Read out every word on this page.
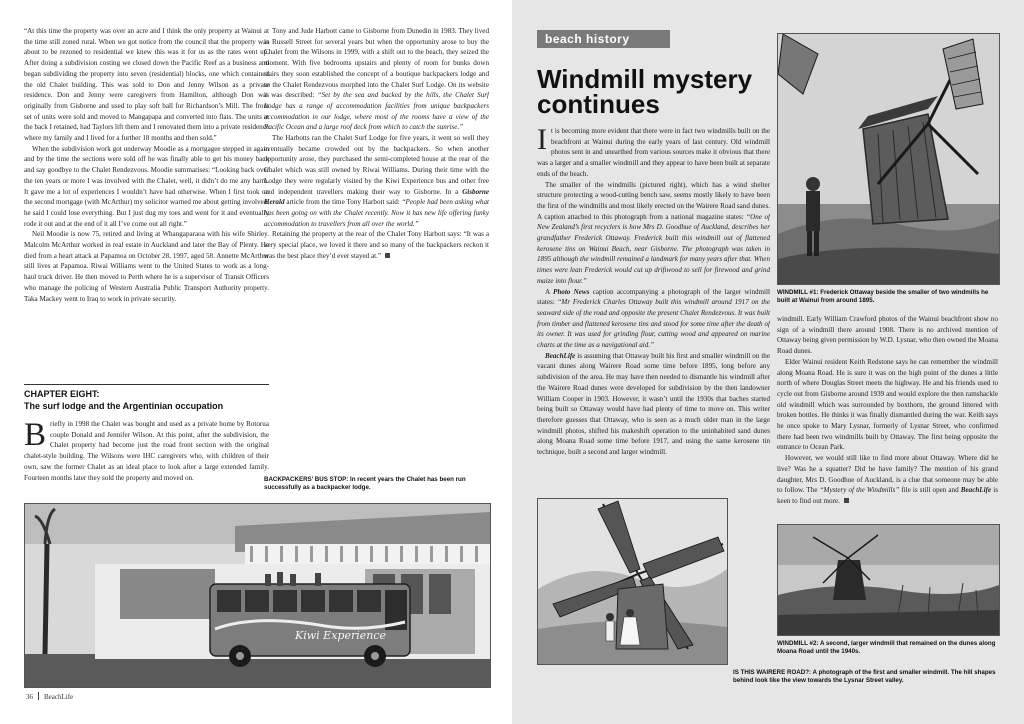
“At this time the property was over an acre and I think the only property at Wainui at the time still zoned rural. When we got notice from the council that the property was about to be rezoned to residential we knew this was it for us as the rates went up. After doing a subdivision costing we closed down the Pacific Reef as a business and began subdividing the property into seven (residential) blocks, one which contained the old Chalet building. This was sold to Don and Jenny Wilson as a private residence. Don and Jenny were caregivers from Hamilton, although Don was originally from Gisborne and used to play soft ball for Richardson’s Mill. The front set of units were sold and moved to Mangapapa and converted into flats. The units at the back I retained, had Taylors lift them and I renovated them into a private residence where my family and I lived for a further 18 months and then sold.”

When the subdivision work got underway Moodie as a mortgagee stepped in again and by the time the sections were sold off he was finally able to get his money back and say goodbye to the Chalet Rendezvous. Moodie summarises: “Looking back over the ten years or more I was involved with the Chalet, well, it didn’t do me any harm. It gave me a lot of experiences I wouldn’t have had otherwise. When I first took on the second mortgage (with McArthur) my solicitor warned me about getting involved, he said I could lose everything. But I just dug my toes and went for it and eventually rode it out and at the end of it all I’ve come out all right.”

Neil Moodie is now 75, retired and living at Whangaparaoa with his wife Shirley. Malcolm McArthur worked in real estate in Auckland and later the Bay of Plenty. He died from a heart attack at Papamoa on October 28, 1997, aged 58. Annette McArthur still lives at Papamoa. Riwai Williams went to the United States to work as a long-haul truck driver. He then moved to Perth where he is a supervisor of Transit Officers who manage the policing of Western Australia Public Transport Authority property. Taka Mackey went to Iraq to work in private security.

CHAPTER EIGHT:
The surf lodge and the Argentinian occupation

Briefly in 1998 the Chalet was bought and used as a private home by Rotorua couple Donald and Jennifer Wilson. At this point, after the subdivision, the Chalet property had become just the road front section with the original chalet-style building. The Wilsons were IHC caregivers who, with children of their own, saw the former Chalet as an ideal place to look after a large extended family. Fourteen months later they sold the property and moved on.

Tony and Jude Harbott came to Gisborne from Dunedin in 1983. They lived in Russell Street for several years but when the opportunity arose to buy the Chalet from the Wilsons in 1999, with a shift out to the beach, they seized the moment. With five bedrooms upstairs and plenty of room for bunks down stairs they soon established the concept of a boutique backpackers lodge and so the Chalet Rendezvous morphed into the Chalet Surf Lodge. On its website it was described: “Set by the sea and backed by the hills, the Chalet Surf Lodge has a range of accommodation facilities from unique backpackers accommodation in our lodge, where most of the rooms have a view of the Pacific Ocean and a large roof deck from which to catch the sunrise.”

The Harbotts ran the Chalet Surf Lodge for five years, it went so well they eventually became crowded out by the backpackers. So when another opportunity arose, they purchased the semi-completed house at the rear of the Chalet which was still owned by Riwai Williams. During their time with the Lodge they were regularly visited by the Kiwi Experience bus and other free and independent travellers making their way to Gisborne. In a Gisborne Herald article from the time Tony Harbott said: “People had been asking what has been going on with the Chalet recently. Now it has new life offering funky accommodation to travellers from all over the world.”

Retaining the property at the rear of the Chalet Tony Harbott says: “It was a very special place, we loved it there and so many of the backpackers reckon it was the best place they’d ever stayed at.”

BACKPACKERS’ BUS STOP: In recent years the Chalet has been run successfully as a backpacker lodge.
Kiwi Experience
36 BeachLife
beach history
Windmill mystery continues

It is becoming more evident that there were in fact two windmills built on the beachfront at Wainui during the early years of last century. Old windmill photos sent in and unearthed from various sources make it obvious that there was a larger and a smaller windmill and they appear to have been built at separate ends of the beach.

The smaller of the windmills (pictured right), which has a wind shelter structure protecting a wood-cutting bench saw, seems mostly likely to have been the first of the windmills and most likely erected on the Wairere Road sand dunes. A caption attached to this photograph from a national magazine states: “One of New Zealand’s first recyclers is how Mrs D. Goodhue of Auckland, describes her grandfather Frederick Ottaway. Frederick built this windmill out of flattened kerosene tins on Wainui Beach, near Gisborne. The photograph was taken in 1895 although the windmill remained a landmark for many years after that. When times were lean Frederick would cut up driftwood to sell for firewood and grind maize into flour.”

A Photo News caption accompanying a photograph of the larger windmill states: “Mr Frederick Charles Ottaway built this windmill around 1917 on the seaward side of the road and opposite the present Chalet Rendezvous. It was built from timber and flattened kerosene tins and stood for some time after the death of its owner. It was used for grinding flour, cutting wood and appeared on marine charts at the time as a navigational aid.”

BeachLife is assuming that Ottaway built his first and smaller windmill on the vacant dunes along Wairere Road some time before 1895, long before any subdivision of the area. He may have then needed to dismantle his windmill after the Wairere Road dunes were developed for subdivision by the then landowner William Cooper in 1903. However, it wasn’t until the 1930s that baches started being built so Ottaway would have had plenty of time to move on. This writer therefore guesses that Ottaway, who is seen as a much older man in the large windmill photos, shifted his makeshift operation to the uninhabited sand dunes along Moana Road some time before 1917, and using the same kerosene tin technique, built a second and larger windmill.

WINDMILL #1: Frederick Ottaway beside the smaller of two windmills he built at Wainui from around 1895.

windmill. Early William Crawford photos of the Wainui beachfront show no sign of a windmill there around 1908. There is no archived mention of Ottaway being given permission by W.D. Lysnar, who then owned the Moana Road dunes.

Elder Wainui resident Keith Redstone says he can remember the windmill along Moana Road. He is sure it was on the high point of the dunes a little north of where Douglas Street meets the highway. He and his friends used to cycle out from Gisborne around 1939 and would explore the then ramshackle old windmill which was surrounded by boxthorn, the ground littered with broken bottles. He thinks it was finally dismantled during the war. Keith says he once spoke to Mary Lysnar, formerly of Lysnar Street, who confirmed there had been two windmills built by Ottaway. The first being opposite the entrance to Ocean Park.

However, we would still like to find more about Ottaway. Where did he live? Was he a squatter? Did he have family? The mention of his grand daughter, Mrs D. Goodhue of Auckland, is a clue that someone may be able to follow. The “Mystery of the Windmills” file is still open and BeachLife is keen to find out more.

IS THIS WAIRERE ROAD?: A photograph of the first and smaller windmill. The hill shapes behind look like the view towards the Lysnar Street valley.
WINDMILL #2: A second, larger windmill that remained on the dunes along Moana Road until the 1940s.
